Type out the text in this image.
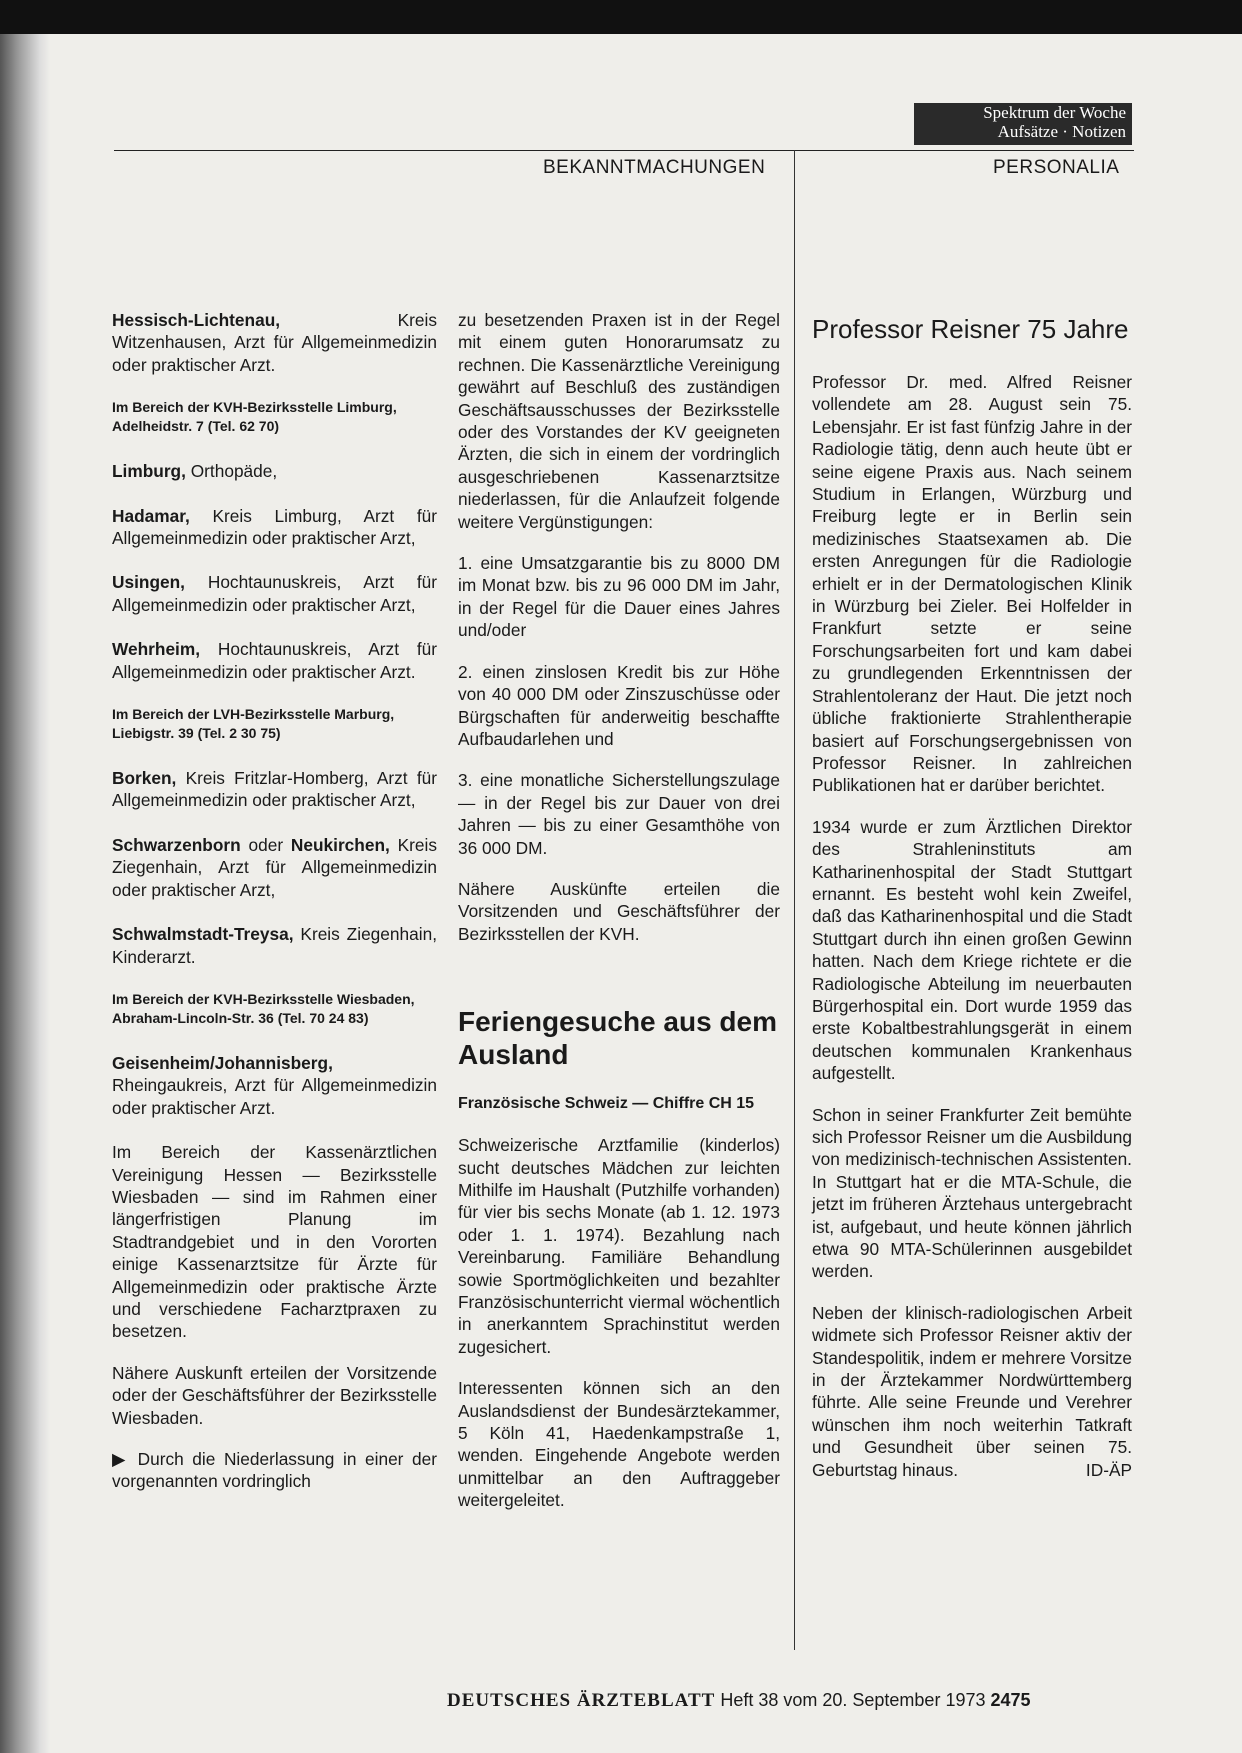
Spektrum der Woche
Aufsätze · Notizen
BEKANNTMACHUNGEN	PERSONALIA

Hessisch-Lichtenau, Kreis Witzenhausen, Arzt für Allgemeinmedizin oder praktischer Arzt.

Im Bereich der KVH-Bezirksstelle Limburg, Adelheidstr. 7 (Tel. 62 70)

Limburg, Orthopäde,

Hadamar, Kreis Limburg, Arzt für Allgemeinmedizin oder praktischer Arzt,

Usingen, Hochtaunuskreis, Arzt für Allgemeinmedizin oder praktischer Arzt,

Wehrheim, Hochtaunuskreis, Arzt für Allgemeinmedizin oder praktischer Arzt.

Im Bereich der LVH-Bezirksstelle Marburg, Liebigstr. 39 (Tel. 2 30 75)

Borken, Kreis Fritzlar-Homberg, Arzt für Allgemeinmedizin oder praktischer Arzt,

Schwarzenborn oder Neukirchen, Kreis Ziegenhain, Arzt für Allgemeinmedizin oder praktischer Arzt,

Schwalmstadt-Treysa, Kreis Ziegenhain, Kinderarzt.

Im Bereich der KVH-Bezirksstelle Wiesbaden, Abraham-Lincoln-Str. 36 (Tel. 70 24 83)

Geisenheim/Johannisberg, Rheingaukreis, Arzt für Allgemeinmedizin oder praktischer Arzt.

Im Bereich der Kassenärztlichen Vereinigung Hessen — Bezirksstelle Wiesbaden — sind im Rahmen einer längerfristigen Planung im Stadtrandgebiet und in den Vororten einige Kassenarztsitze für Ärzte für Allgemeinmedizin oder praktische Ärzte und verschiedene Facharztpraxen zu besetzen.

Nähere Auskunft erteilen der Vorsitzende oder der Geschäftsführer der Bezirksstelle Wiesbaden.

▶ Durch die Niederlassung in einer der vorgenannten vordringlich

zu besetzenden Praxen ist in der Regel mit einem guten Honorarumsatz zu rechnen. Die Kassenärztliche Vereinigung gewährt auf Beschluß des zuständigen Geschäftsausschusses der Bezirksstelle oder des Vorstandes der KV geeigneten Ärzten, die sich in einem der vordringlich ausgeschriebenen Kassenarztsitze niederlassen, für die Anlaufzeit folgende weitere Vergünstigungen:

1. eine Umsatzgarantie bis zu 8000 DM im Monat bzw. bis zu 96 000 DM im Jahr, in der Regel für die Dauer eines Jahres und/oder

2. einen zinslosen Kredit bis zur Höhe von 40 000 DM oder Zinszuschüsse oder Bürgschaften für anderweitig beschaffte Aufbaudarlehen und

3. eine monatliche Sicherstellungszulage — in der Regel bis zur Dauer von drei Jahren — bis zu einer Gesamthöhe von 36 000 DM.

Nähere Auskünfte erteilen die Vorsitzenden und Geschäftsführer der Bezirksstellen der KVH.

Feriengesuche aus dem Ausland

Französische Schweiz — Chiffre CH 15

Schweizerische Arztfamilie (kinderlos) sucht deutsches Mädchen zur leichten Mithilfe im Haushalt (Putzhilfe vorhanden) für vier bis sechs Monate (ab 1. 12. 1973 oder 1. 1. 1974). Bezahlung nach Vereinbarung. Familiäre Behandlung sowie Sportmöglichkeiten und bezahlter Französischunterricht viermal wöchentlich in anerkanntem Sprachinstitut werden zugesichert.

Interessenten können sich an den Auslandsdienst der Bundesärztekammer, 5 Köln 41, Haedenkampstraße 1, wenden. Eingehende Angebote werden unmittelbar an den Auftraggeber weitergeleitet.

Professor Reisner 75 Jahre

Professor Dr. med. Alfred Reisner vollendete am 28. August sein 75. Lebensjahr. Er ist fast fünfzig Jahre in der Radiologie tätig, denn auch heute übt er seine eigene Praxis aus. Nach seinem Studium in Erlangen, Würzburg und Freiburg legte er in Berlin sein medizinisches Staatsexamen ab. Die ersten Anregungen für die Radiologie erhielt er in der Dermatologischen Klinik in Würzburg bei Zieler. Bei Holfelder in Frankfurt setzte er seine Forschungsarbeiten fort und kam dabei zu grundlegenden Erkenntnissen der Strahlentoleranz der Haut. Die jetzt noch übliche fraktionierte Strahlentherapie basiert auf Forschungsergebnissen von Professor Reisner. In zahlreichen Publikationen hat er darüber berichtet.

1934 wurde er zum Ärztlichen Direktor des Strahleninstituts am Katharinenhospital der Stadt Stuttgart ernannt. Es besteht wohl kein Zweifel, daß das Katharinenhospital und die Stadt Stuttgart durch ihn einen großen Gewinn hatten. Nach dem Kriege richtete er die Radiologische Abteilung im neuerbauten Bürgerhospital ein. Dort wurde 1959 das erste Kobaltbestrahlungsgerät in einem deutschen kommunalen Krankenhaus aufgestellt.

Schon in seiner Frankfurter Zeit bemühte sich Professor Reisner um die Ausbildung von medizinisch-technischen Assistenten. In Stuttgart hat er die MTA-Schule, die jetzt im früheren Ärztehaus untergebracht ist, aufgebaut, und heute können jährlich etwa 90 MTA-Schülerinnen ausgebildet werden.

Neben der klinisch-radiologischen Arbeit widmete sich Professor Reisner aktiv der Standespolitik, indem er mehrere Vorsitze in der Ärztekammer Nordwürttemberg führte. Alle seine Freunde und Verehrer wünschen ihm noch weiterhin Tatkraft und Gesundheit über seinen 75. Geburtstag hinaus.	ID-ÄP

DEUTSCHES ÄRZTEBLATT Heft 38 vom 20. September 1973 2475
